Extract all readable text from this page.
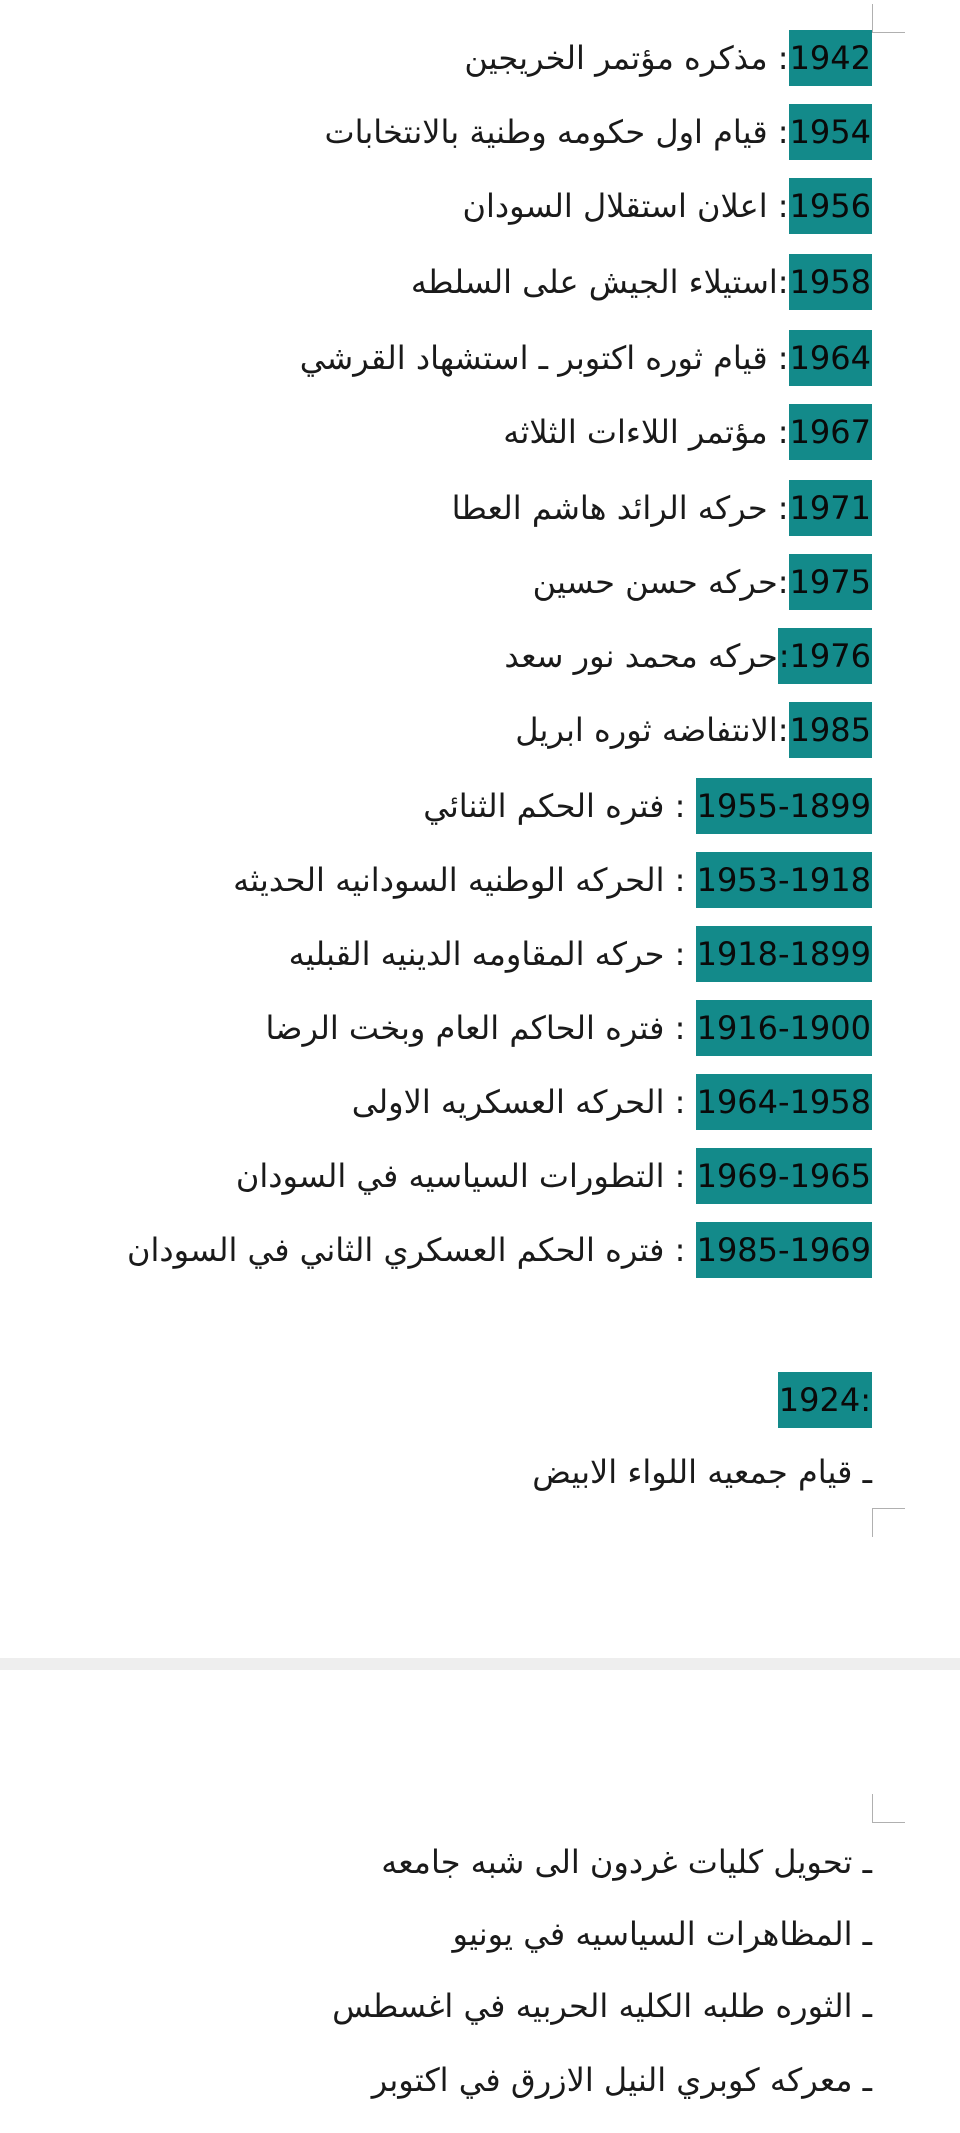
1942: مذكره مؤتمر الخريجين
1954: قيام اول حكومه وطنية بالانتخابات
1956: اعلان استقلال السودان
1958:استيلاء الجيش على السلطه
1964: قيام ثوره اكتوبر ـ استشهاد القرشي
1967: مؤتمر اللاءات الثلاثه
1971: حركه الرائد هاشم العطا
1975:حركه حسن حسين
1976:حركه محمد نور سعد
1985:الانتفاضه ثوره ابريل
1955-1899 : فتره الحكم الثنائي
1953-1918 : الحركه الوطنيه السودانيه الحديثه
1918-1899 : حركه المقاومه الدينيه القبليه
1916-1900 : فتره الحاكم العام وبخت الرضا
1964-1958 : الحركه العسكريه الاولى
1969-1965 : التطورات السياسيه في السودان
1985-1969 : فتره الحكم العسكري الثاني في السودان
:1924
ـ قيام جمعيه اللواء الابيض
ـ تحويل كليات غردون الى شبه جامعه
ـ المظاهرات السياسيه في يونيو
ـ الثوره طلبه الكليه الحربيه في اغسطس
ـ معركه كوبري النيل الازرق في اكتوبر
